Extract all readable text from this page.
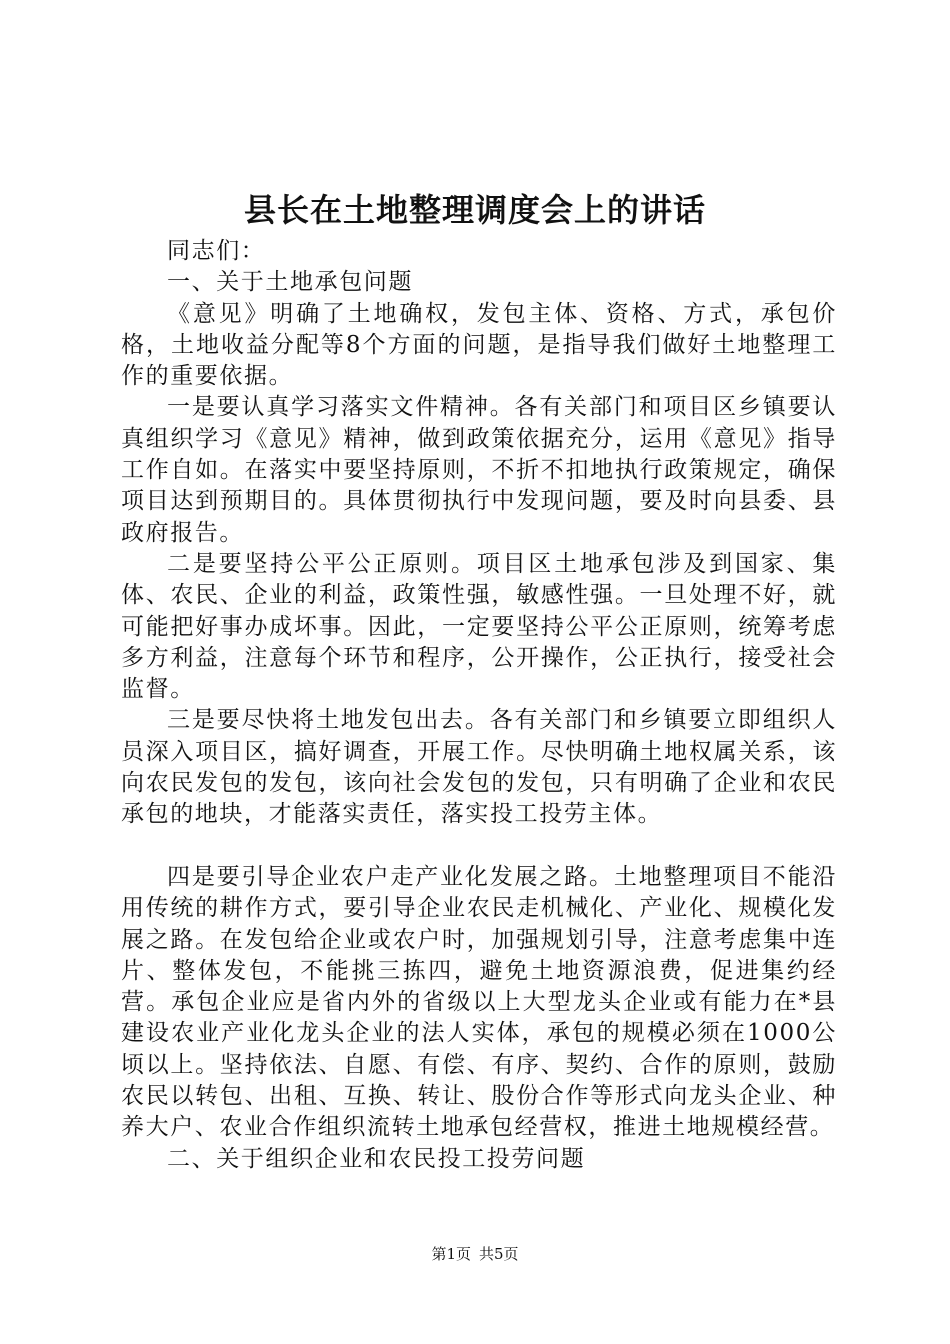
县长在土地整理调度会上的讲话

同志们：

一、关于土地承包问题

《意见》明确了土地确权，发包主体、资格、方式，承包价格，土地收益分配等8个方面的问题，是指导我们做好土地整理工作的重要依据。

一是要认真学习落实文件精神。各有关部门和项目区乡镇要认真组织学习《意见》精神，做到政策依据充分，运用《意见》指导工作自如。在落实中要坚持原则，不折不扣地执行政策规定，确保项目达到预期目的。具体贯彻执行中发现问题，要及时向县委、县政府报告。

二是要坚持公平公正原则。项目区土地承包涉及到国家、集体、农民、企业的利益，政策性强，敏感性强。一旦处理不好，就可能把好事办成坏事。因此，一定要坚持公平公正原则，统筹考虑多方利益，注意每个环节和程序，公开操作，公正执行，接受社会监督。

三是要尽快将土地发包出去。各有关部门和乡镇要立即组织人员深入项目区，搞好调查，开展工作。尽快明确土地权属关系，该向农民发包的发包，该向社会发包的发包，只有明确了企业和农民承包的地块，才能落实责任，落实投工投劳主体。

四是要引导企业农户走产业化发展之路。土地整理项目不能沿用传统的耕作方式，要引导企业农民走机械化、产业化、规模化发展之路。在发包给企业或农户时，加强规划引导，注意考虑集中连片、整体发包，不能挑三拣四，避免土地资源浪费，促进集约经营。承包企业应是省内外的省级以上大型龙头企业或有能力在*县建设农业产业化龙头企业的法人实体，承包的规模必须在1000公顷以上。坚持依法、自愿、有偿、有序、契约、合作的原则，鼓励农民以转包、出租、互换、转让、股份合作等形式向龙头企业、种养大户、农业合作组织流转土地承包经营权，推进土地规模经营。

二、关于组织企业和农民投工投劳问题

第1页 共5页
